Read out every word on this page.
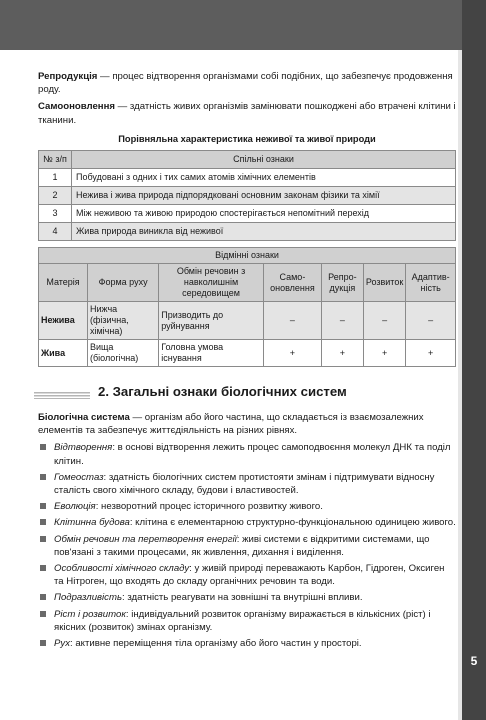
5

Репродукція — процес відтворення організмами собі подібних, що забезпечує продовження роду.

Самооновлення — здатність живих організмів замінювати пошкоджені або втрачені клітини і тканини.

Порівняльна характеристика неживої та живої природи
№ з/п	Спільні ознаки
1	Побудовані з одних і тих самих атомів хімічних елементів
2	Нежива і жива природа підпорядковані основним законам фізики та хімії
3	Між неживою та живою природою спостерігається непомітний перехід
4	Жива природа виникла від неживої
Відмінні ознаки						
Матерія	Форма руху	Обмін речовин з навколишнім середовищем	Само-оновлення	Репро-дукція	Розвиток	Адаптив-ність
Нежива	Нижча (фізична, хімічна)	Призводить до руйнування	–	–	–	–
Жива	Вища (біологічна)	Головна умова існування	+	+	+	+
2. Загальні ознаки біологічних систем

Біологічна система — організм або його частина, що складається із взаємозалежних елементів та забезпечує життєдіяльність на різних рівнях.

Відтворення: в основі відтворення лежить процес самоподвоєння молекул ДНК та поділ клітин.
Гомеостаз: здатність біологічних систем протистояти змінам і підтримувати відносну сталість свого хімічного складу, будови і властивостей.
Еволюція: незворотний процес історичного розвитку живого.
Клітинна будова: клітина є елементарною структурно-функціональною одиницею живого.
Обмін речовин та перетворення енергії: живі системи є відкритими системами, що пов'язані з такими процесами, як живлення, дихання і виділення.
Особливості хімічного складу: у живій природі переважають Карбон, Гідроген, Оксиген та Нітроген, що входять до складу органічних речовин та води.
Подразливість: здатність реагувати на зовнішні та внутрішні впливи.
Ріст і розвиток: індивідуальний розвиток організму виражається в кількісних (ріст) і якісних (розвиток) змінах організму.
Рух: активне переміщення тіла організму або його частин у просторі.
